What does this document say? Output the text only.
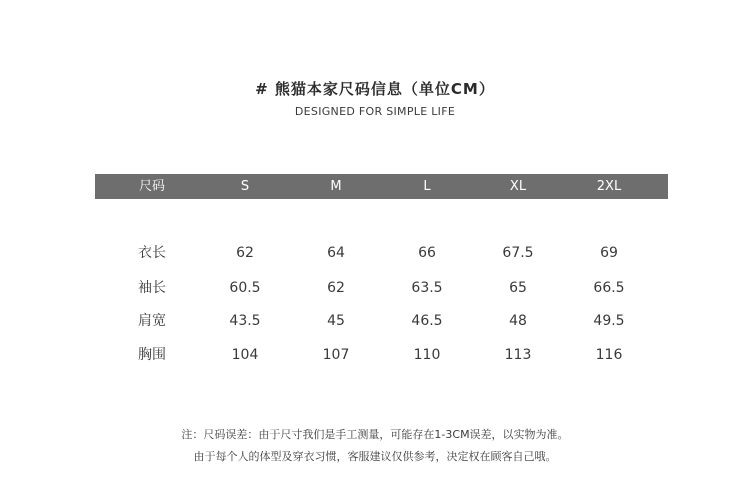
# 熊猫本家尺码信息（单位CM）
DESIGNED FOR SIMPLE LIFE
尺码	S	M	L	XL	2XL
衣长	62	64	66	67.5	69
袖长	60.5	62	63.5	65	66.5
肩宽	43.5	45	46.5	48	49.5
胸围	104	107	110	113	116
注：尺码误差：由于尺寸我们是手工测量，可能存在1-3CM误差，以实物为准。
由于每个人的体型及穿衣习惯，客服建议仅供参考，决定权在顾客自己哦。
